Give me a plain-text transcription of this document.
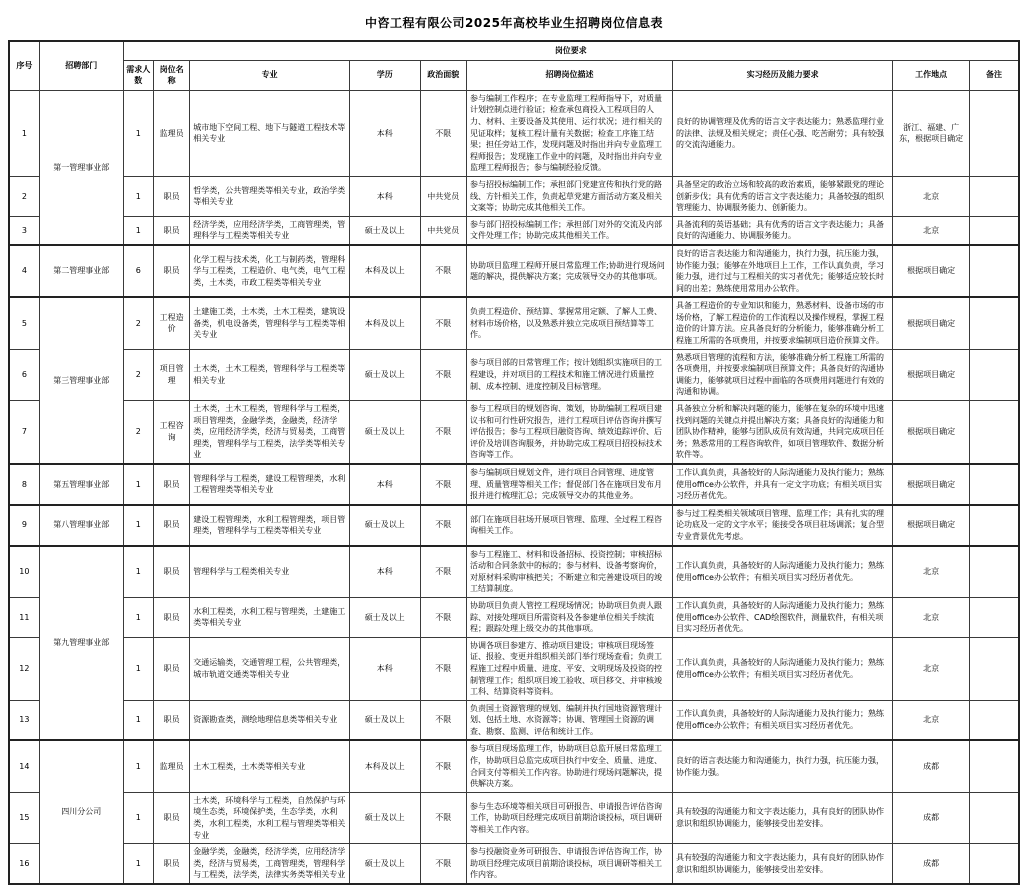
中咨工程有限公司2025年高校毕业生招聘岗位信息表
序号	招聘部门	岗位要求								
		需求人数	岗位名称	专业	学历	政治面貌	招聘岗位描述	实习经历及能力要求	工作地点	备注
1	第一管理事业部	1	监理员	城市地下空间工程、地下与隧道工程技术等相关专业	本科	不限	参与编制工作程序；在专业监理工程师指导下，对质量计划控制点进行验证；检查承包商投入工程项目的人力、材料、主要设备及其使用、运行状况；进行相关的见证取样；复核工程计量有关数据；检查工序施工结果；担任旁站工作，发现问题及时指出并向专业监理工程师报告；发现施工作业中的问题，及时指出并向专业监理工程师报告；参与编制经验反馈。	良好的协调管理及优秀的语言文字表达能力；熟悉监理行业的法律、法规及相关规定；责任心强、吃苦耐劳；具有较强的交流沟通能力。	浙江、福建、广东，根据项目确定	
2		1	职员	哲学类，公共管理类等相关专业，政治学类等相关专业	本科	中共党员	参与招投标编制工作；承担部门党建宣传和执行党的路线、方针相关工作，负责起草党建方面活动方案及相关文案等；协助完成其他相关工作。	具备坚定的政治立场和较高的政治素质，能够紧跟党的理论创新步伐；具有优秀的语言文字表达能力；具备较强的组织管理能力、协调服务能力、创新能力。	北京	
3		1	职员	经济学类，应用经济学类，工商管理类，管理科学与工程类等相关专业	硕士及以上	中共党员	参与部门招投标编制工作；承担部门对外的交流及内部文件处理工作；协助完成其他相关工作。	具备流利的英语基础；具有优秀的语言文字表达能力；具备良好的沟通能力、协调服务能力。	北京	
4	第二管理事业部	6	职员	化学工程与技术类，化工与制药类，管理科学与工程类，工程造价、电气类，电气工程类，土木类，市政工程类等相关专业	本科及以上	不限	协助项目监理工程师开展日常监理工作;协助进行现场问题的解决，提供解决方案；完成领导交办的其他事项。	良好的语言表达能力和沟通能力，执行力强，抗压能力强，协作能力强；能够在外地项目上工作，工作认真负责，学习能力强，进行过与工程相关的实习者优先；能够适应较长时间的出差；熟练使用常用办公软件。	根据项目确定	
5	第三管理事业部	2	工程造价	土建施工类，土木类，土木工程类，建筑设备类，机电设备类，管理科学与工程类等相关专业	本科及以上	不限	负责工程造价、预结算、掌握常用定额、了解人工费、材料市场价格，以及熟悉并独立完成项目预结算等工作。	具备工程造价的专业知识和能力，熟悉材料、设备市场的市场价格，了解工程造价的工作流程以及操作规程，掌握工程造价的计算方法。应具备良好的分析能力，能够准确分析工程施工所需的各项费用，并按要求编制项目造价预算文件。	根据项目确定	
6		2	项目管理	土木类，土木工程类，管理科学与工程类等相关专业	硕士及以上	不限	参与项目部的日常管理工作；按计划组织实施项目的工程建设，并对项目的工程技术和施工情况进行质量控制、成本控制、进度控制及目标管理。	熟悉项目管理的流程和方法，能够准确分析工程施工所需的各项费用，并按要求编制项目预算文件；具备良好的沟通协调能力，能够就项目过程中面临的各项费用问题进行有效的沟通和协调。	根据项目确定	
7		2	工程咨询	土木类，土木工程类，管理科学与工程类，项目管理类，金融学类，金融类，经济学类，应用经济学类，经济与贸易类，工商管理类，管理科学与工程类，法学类等相关专业	硕士及以上	不限	参与工程项目的规划咨询、策划，协助编制工程项目建议书和可行性研究报告，进行工程项目评估咨询并撰写评估报告；参与工程项目融资咨询、绩效追踪评价、后评价及培训咨询服务，并协助完成工程项目招投标技术咨询等工作。	具备独立分析和解决问题的能力，能够在复杂的环境中迅速找到问题的关键点并提出解决方案；具备良好的沟通能力和团队协作精神，能够与团队成员有效沟通，共同完成项目任务；熟悉常用的工程咨询软件，如项目管理软件、数据分析软件等。	根据项目确定	
8	第五管理事业部	1	职员	管理科学与工程类，建设工程管理类，水利工程管理类等相关专业	本科	不限	参与编制项目规划文件，进行项目合同管理、进度管理、质量管理等相关工作；督促部门各在施项目发布月报并进行梳理汇总；完成领导交办的其他业务。	工作认真负责，具备较好的人际沟通能力及执行能力；熟练使用office办公软件，并具有一定文字功底；有相关项目实习经历者优先。	根据项目确定	
9	第八管理事业部	1	职员	建设工程管理类，水利工程管理类，项目管理类，管理科学与工程类等相关专业	硕士及以上	不限	部门在施项目驻场开展项目管理、监理、全过程工程咨询相关工作。	参与过工程类相关领域项目管理、监理工作；具有扎实的理论功底及一定的文字水平；能接受各项目驻场调派；复合型专业背景优先考虑。	根据项目确定	
10	第九管理事业部	1	职员	管理科学与工程类相关专业	本科	不限	参与工程施工、材料和设备招标、投资控制；审核招标活动和合同条款中的标的；参与材料、设备考察询价，对原材料采购审核把关；不断建立和完善建设项目的竣工结算制度。	工作认真负责，具备较好的人际沟通能力及执行能力；熟练使用office办公软件；有相关项目实习经历者优先。	北京	
11		1	职员	水利工程类，水利工程与管理类，土建施工类等相关专业	硕士及以上	不限	协助项目负责人管控工程现场情况；协助项目负责人跟踪、对接处理项目所需资料及各参建单位相关手续流程；跟踪处理上级交办的其他事项。	工作认真负责，具备较好的人际沟通能力及执行能力；熟练使用office办公软件、CAD绘图软件，测量软件，有相关项目实习经历者优先。	北京	
12		1	职员	交通运输类，交通管理工程，公共管理类，城市轨道交通类等相关专业	本科	不限	协调各项目参建方、推动项目建设；审核项目现场签证、报验、变更并组织相关部门举行现场查看；负责工程施工过程中质量、进度、平安、文明现场及投资的控制管理工作；组织项目竣工验收、项目移交、并审核竣工科、结算资料等资料。	工作认真负责，具备较好的人际沟通能力及执行能力；熟练使用office办公软件；有相关项目实习经历者优先。	北京	
13		1	职员	资源勘查类，测绘地理信息类等相关专业	硕士及以上	不限	负责国土资源管理的规划、编制并执行国地资源管理计划、包括土地、水资源等；协调、管理国土资源的调查、勘察、监测、评估和统计工作。	工作认真负责，具备较好的人际沟通能力及执行能力；熟练使用office办公软件；有相关项目实习经历者优先。	北京	
14	四川分公司	1	监理员	土木工程类，土木类等相关专业	本科及以上	不限	参与项目现场监理工作，协助项目总监开展日常监理工作，协助项目总监完成项目执行中安全、质量、进度、合同支付等相关工作内容。协助进行现场问题解决，提供解决方案。	良好的语言表达能力和沟通能力，执行力强，抗压能力强，协作能力强。	成都	
15		1	职员	土木类，环境科学与工程类，自然保护与环境生态类，环境保护类，生态学类，水利类，水利工程类，水利工程与管理类等相关专业	硕士及以上	不限	参与生态环境等相关项目可研报告、申请报告评估咨询工作，协助项目经理完成项目前期洽谈投标，项目调研等相关工作内容。	具有较强的沟通能力和文字表达能力，具有良好的团队协作意识和组织协调能力，能够接受出差安排。	成都	
16		1	职员	金融学类，金融类，经济学类，应用经济学类，经济与贸易类，工商管理类，管理科学与工程类，法学类，法律实务类等相关专业	硕士及以上	不限	参与投融资业务可研报告、申请报告评估咨询工作，协助项目经理完成项目前期洽谈投标，项目调研等相关工作内容。	具有较强的沟通能力和文字表达能力，具有良好的团队协作意识和组织协调能力，能够接受出差安排。	成都	
